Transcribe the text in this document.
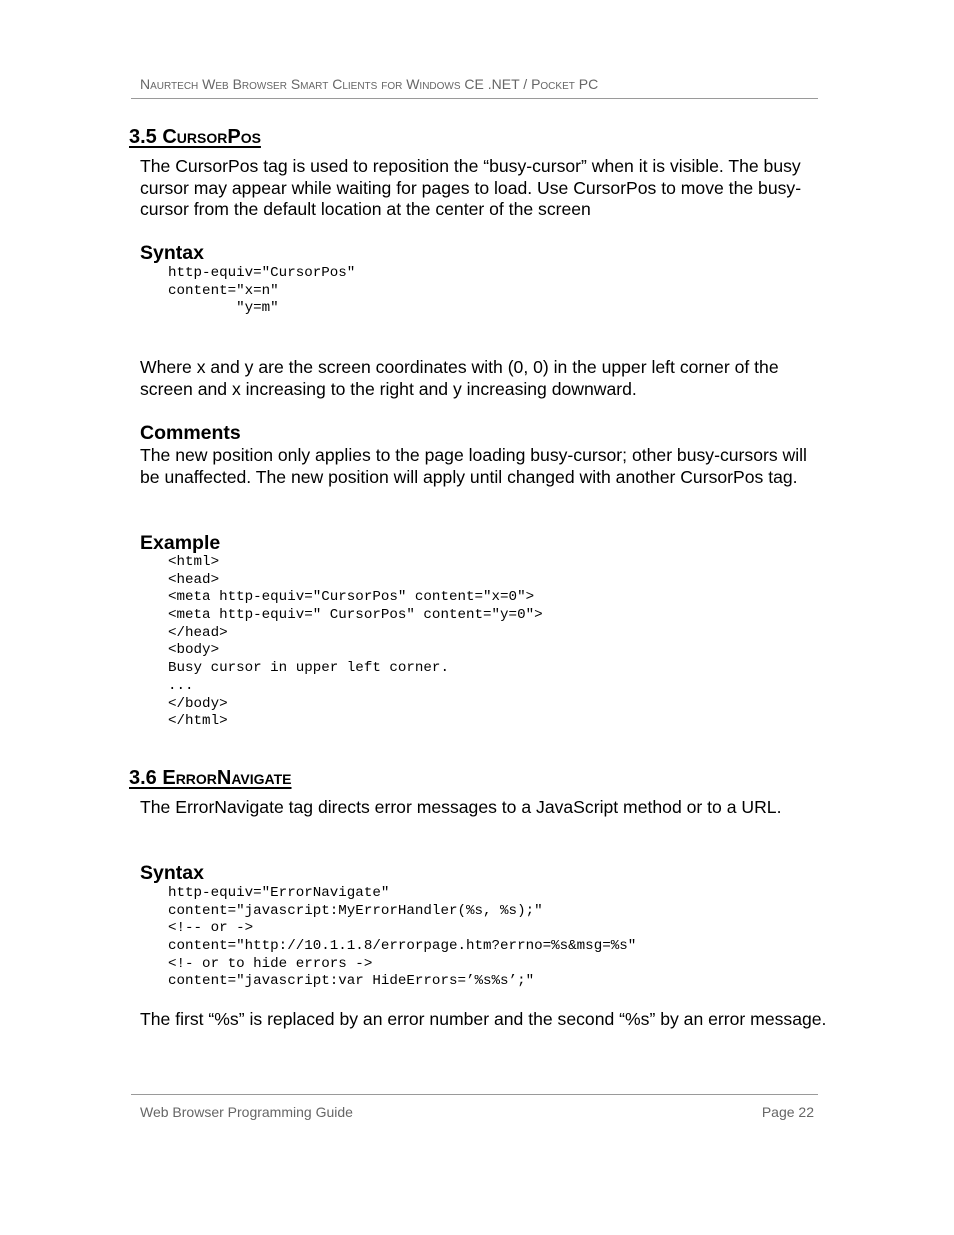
Naurtech Web Browser Smart Clients for Windows CE .NET / Pocket PC
3.5 CursorPos
The CursorPos tag is used to reposition the “busy-cursor” when it is visible. The busy cursor may appear while waiting for pages to load. Use CursorPos to move the busy-cursor from the default location at the center of the screen
Syntax
http-equiv="CursorPos"
content="x=n"
"y=m"
Where x and y are the screen coordinates with (0, 0) in the upper left corner of the screen and x increasing to the right and y increasing downward.
Comments
The new position only applies to the page loading busy-cursor; other busy-cursors will be unaffected. The new position will apply until changed with another CursorPos tag.
Example
<html>
<head>
<meta http-equiv="CursorPos" content="x=0">
<meta http-equiv=" CursorPos" content="y=0">
</head>
<body>
Busy cursor in upper left corner.
...
</body>
</html>
3.6 ErrorNavigate
The ErrorNavigate tag directs error messages to a JavaScript method or to a URL.
Syntax
http-equiv="ErrorNavigate"
content="javascript:MyErrorHandler(%s, %s);"
<!-- or ->
content="http://10.1.1.8/errorpage.htm?errno=%s&msg=%s"
<!- or to hide errors ->
content="javascript:var HideErrors=’%s%s’;"
The first “%s” is replaced by an error number and the second “%s” by an error message.
Web Browser Programming Guide	Page 22
